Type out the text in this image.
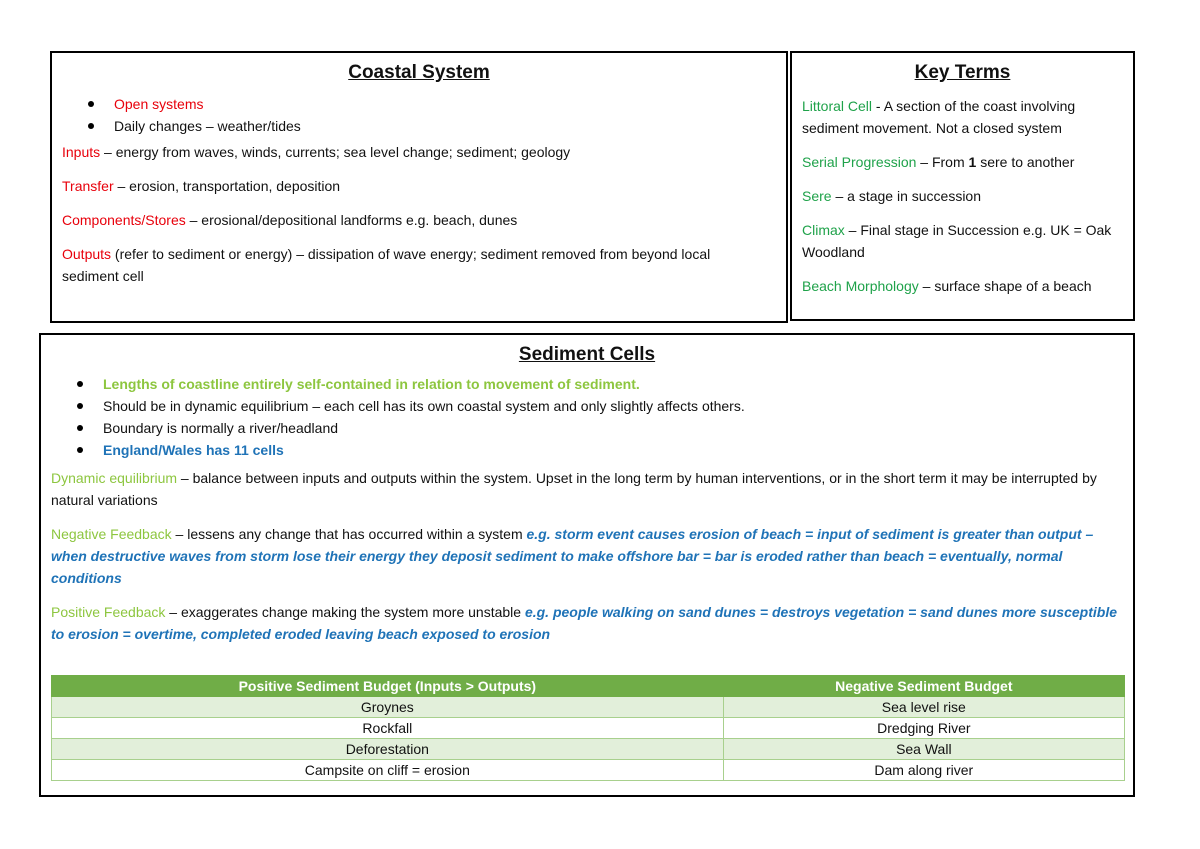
Coastal System
Open systems
Daily changes – weather/tides

Inputs – energy from waves, winds, currents; sea level change; sediment; geology

Transfer – erosion, transportation, deposition

Components/Stores – erosional/depositional landforms e.g. beach, dunes

Outputs (refer to sediment or energy) – dissipation of wave energy; sediment removed from beyond local sediment cell

Key Terms

Littoral Cell - A section of the coast involving sediment movement. Not a closed system

Serial Progression – From 1 sere to another

Sere – a stage in succession

Climax – Final stage in Succession e.g. UK = Oak Woodland

Beach Morphology – surface shape of a beach

Sediment Cells
Lengths of coastline entirely self-contained in relation to movement of sediment.
Should be in dynamic equilibrium – each cell has its own coastal system and only slightly affects others.
Boundary is normally a river/headland
England/Wales has 11 cells

Dynamic equilibrium – balance between inputs and outputs within the system. Upset in the long term by human interventions, or in the short term it may be interrupted by natural variations

Negative Feedback – lessens any change that has occurred within a system e.g. storm event causes erosion of beach = input of sediment is greater than output – when destructive waves from storm lose their energy they deposit sediment to make offshore bar = bar is eroded rather than beach = eventually, normal conditions

Positive Feedback – exaggerates change making the system more unstable e.g. people walking on sand dunes = destroys vegetation = sand dunes more susceptible to erosion = overtime, completed eroded leaving beach exposed to erosion

Positive Sediment Budget (Inputs > Outputs)	Negative Sediment Budget
Groynes	Sea level rise
Rockfall	Dredging River
Deforestation	Sea Wall
Campsite on cliff = erosion	Dam along river
